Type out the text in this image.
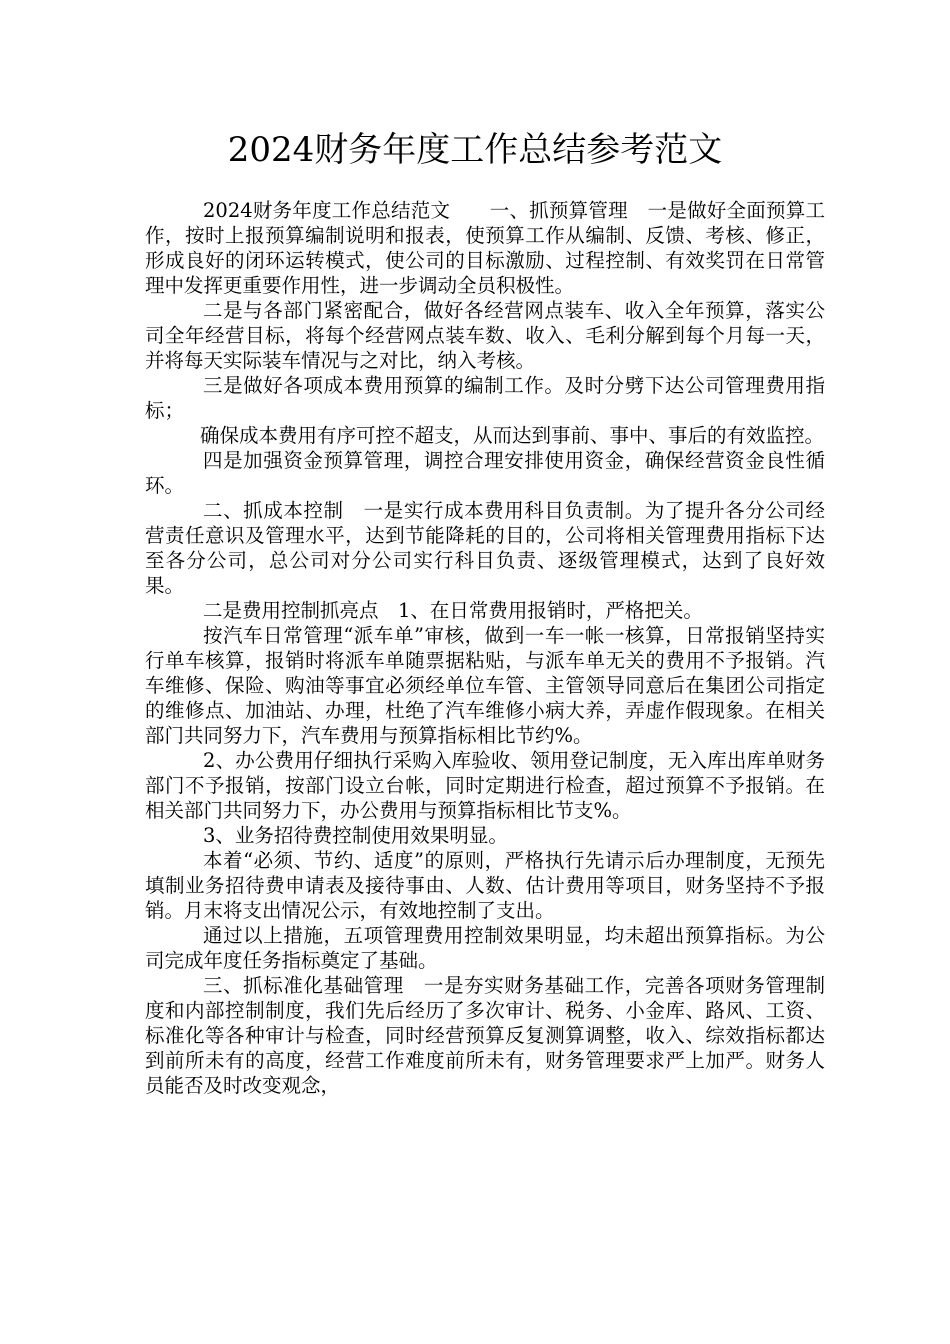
2024财务年度工作总结参考范文

2024财务年度工作总结范文　　一、抓预算管理　一是做好全面预算工作，按时上报预算编制说明和报表，使预算工作从编制、反馈、考核、修正，形成良好的闭环运转模式，使公司的目标激励、过程控制、有效奖罚在日常管理中发挥更重要作用性，进一步调动全员积极性。

二是与各部门紧密配合，做好各经营网点装车、收入全年预算，落实公司全年经营目标，将每个经营网点装车数、收入、毛利分解到每个月每一天，并将每天实际装车情况与之对比，纳入考核。

三是做好各项成本费用预算的编制工作。及时分劈下达公司管理费用指标；

确保成本费用有序可控不超支，从而达到事前、事中、事后的有效监控。

四是加强资金预算管理，调控合理安排使用资金，确保经营资金良性循环。

二、抓成本控制　一是实行成本费用科目负责制。为了提升各分公司经营责任意识及管理水平，达到节能降耗的目的，公司将相关管理费用指标下达至各分公司，总公司对分公司实行科目负责、逐级管理模式，达到了良好效果。

二是费用控制抓亮点　1、在日常费用报销时，严格把关。

按汽车日常管理“派车单”审核，做到一车一帐一核算，日常报销坚持实行单车核算，报销时将派车单随票据粘贴，与派车单无关的费用不予报销。汽车维修、保险、购油等事宜必须经单位车管、主管领导同意后在集团公司指定的维修点、加油站、办理，杜绝了汽车维修小病大养，弄虚作假现象。在相关部门共同努力下，汽车费用与预算指标相比节约%。

2、办公费用仔细执行采购入库验收、领用登记制度，无入库出库单财务部门不予报销，按部门设立台帐，同时定期进行检查，超过预算不予报销。在相关部门共同努力下，办公费用与预算指标相比节支%。

3、业务招待费控制使用效果明显。

本着“必须、节约、适度”的原则，严格执行先请示后办理制度，无预先填制业务招待费申请表及接待事由、人数、估计费用等项目，财务坚持不予报销。月末将支出情况公示，有效地控制了支出。

通过以上措施，五项管理费用控制效果明显，均未超出预算指标。为公司完成年度任务指标奠定了基础。

三、抓标准化基础管理　一是夯实财务基础工作，完善各项财务管理制度和内部控制制度，我们先后经历了多次审计、税务、小金库、路风、工资、标准化等各种审计与检查，同时经营预算反复测算调整，收入、综效指标都达到前所未有的高度，经营工作难度前所未有，财务管理要求严上加严。财务人员能否及时改变观念，
